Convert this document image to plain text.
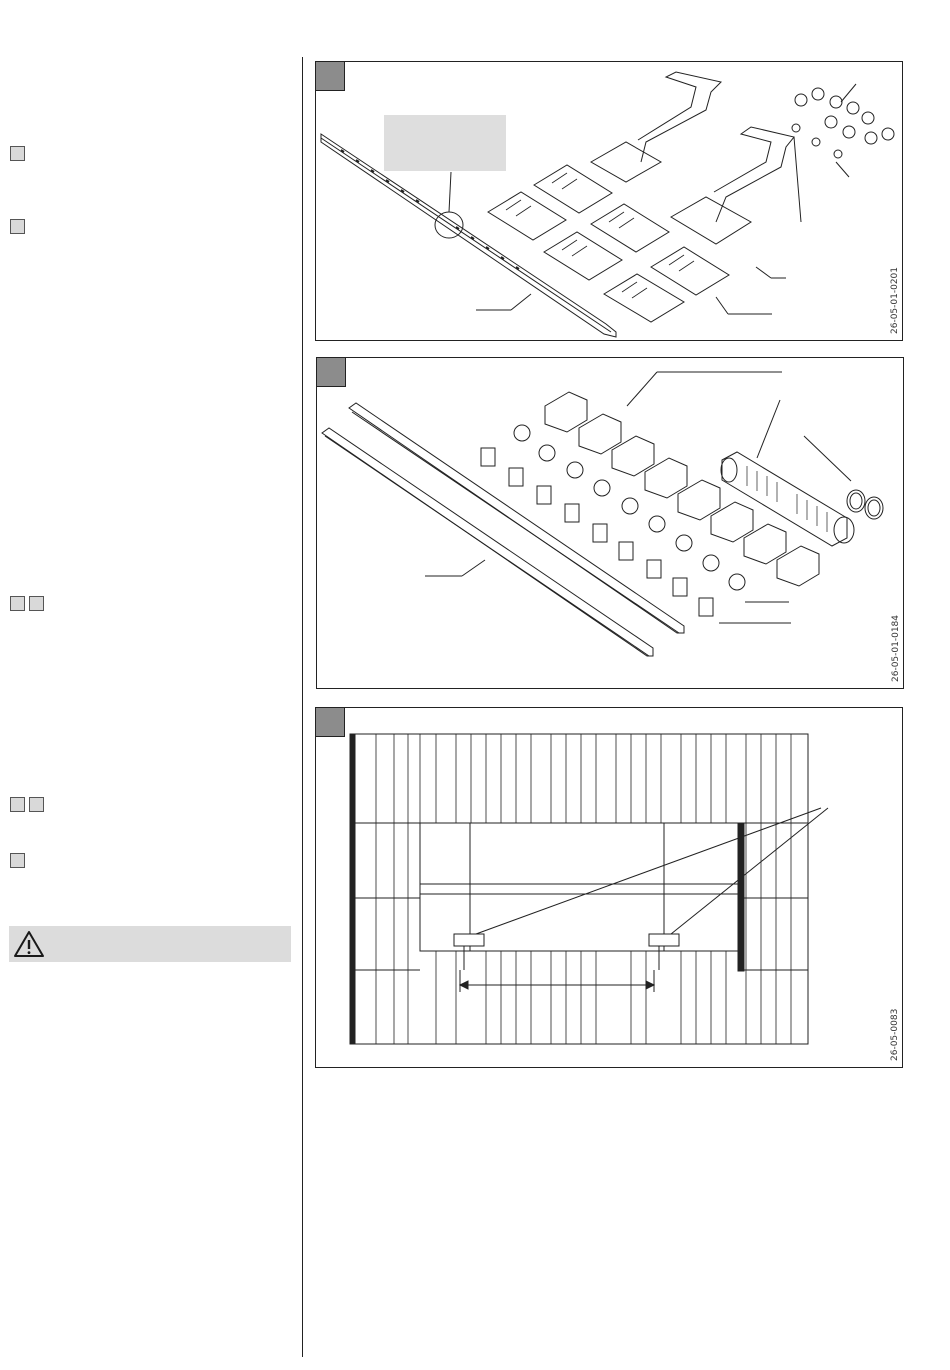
26-05-01-0201
26-05-01-0184
26-05-0083
